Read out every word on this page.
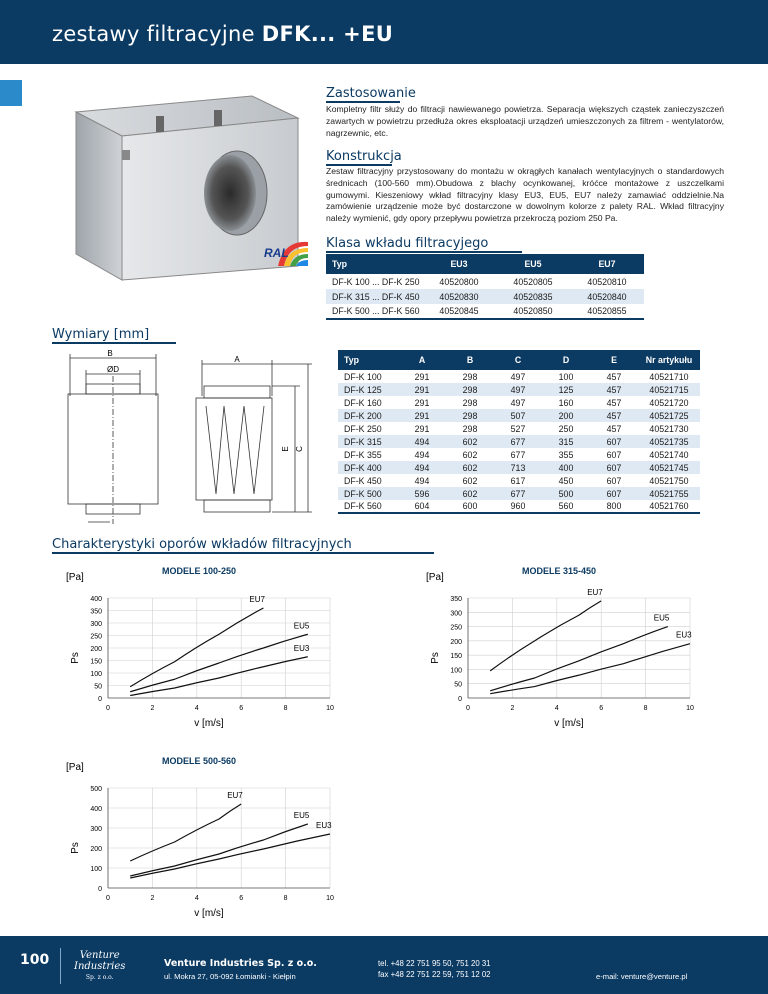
zestawy filtracyjne DFK... +EU
Zastosowanie
Kompletny filtr służy do filtracji nawiewanego powietrza. Separacja większych cząstek zanieczyszczeń zawartych w powietrzu przedłuża okres eksploatacji urządzeń umieszczonych za filtrem - wentylatorów, nagrzewnic, etc.
Konstrukcja
Zestaw filtracyjny przystosowany do montażu w okrągłych kanałach wentylacyjnych o standardowych średnicach (100-560 mm).Obudowa z blachy ocynkowanej, króćce montażowe z uszczelkami gumowymi. Kieszeniowy wkład filtracyjny klasy EU3, EU5, EU7 należy zamawiać oddzielnie.Na zamówienie urządzenie może być dostarczone w dowolnym kolorze z palety RAL. Wkład filtracyjny należy wymienić, gdy opory przepływu powietrza przekroczą poziom 250 Pa.
Klasa wkładu filtracyjego
RAL
Typ	EU3	EU5	EU7
DF-K 100 ... DF-K 250	40520800	40520805	40520810
DF-K 315 ... DF-K 450	40520830	40520835	40520840
DF-K 500 ... DF-K 560	40520845	40520850	40520855
Wymiary [mm]
B
ØD
A
E C
Typ	A	B	C	D	E	Nr artykułu
DF-K 100	291	298	497	100	457	40521710
DF-K 125	291	298	497	125	457	40521715
DF-K 160	291	298	497	160	457	40521720
DF-K 200	291	298	507	200	457	40521725
DF-K 250	291	298	527	250	457	40521730
DF-K 315	494	602	677	315	607	40521735
DF-K 355	494	602	677	355	607	40521740
DF-K 400	494	602	713	400	607	40521745
DF-K 450	494	602	617	450	607	40521750
DF-K 500	596	602	677	500	607	40521755
DF-K 560	604	600	960	560	800	40521760
Charakterystyki oporów wkładów filtracyjnych
MODELE 100-250
[Pa]
Ps
v [m/s]
0
50
100
150
200
250
300
350
400
0	2	4	6	8	10
EU7
EU5
EU3
MODELE 315-450
[Pa]
Ps
v [m/s]
0
50
100
150
200
250
300
350
0	2	4	6	8	10
EU7
EU5
EU3
MODELE 500-560
[Pa]
Ps
v [m/s]
0
100
200
300
400
500
0	2	4	6	8	10
EU7
EU5
EU3
100	Venture
Industries
Sp. z o.o.
Venture Industries Sp. z o.o.
ul. Mokra 27, 05-092 Łomianki - Kiełpin
tel. +48 22 751 95 50, 751 20 31
fax +48 22 751 22 59, 751 12 02	e-mail: venture@venture.pl
